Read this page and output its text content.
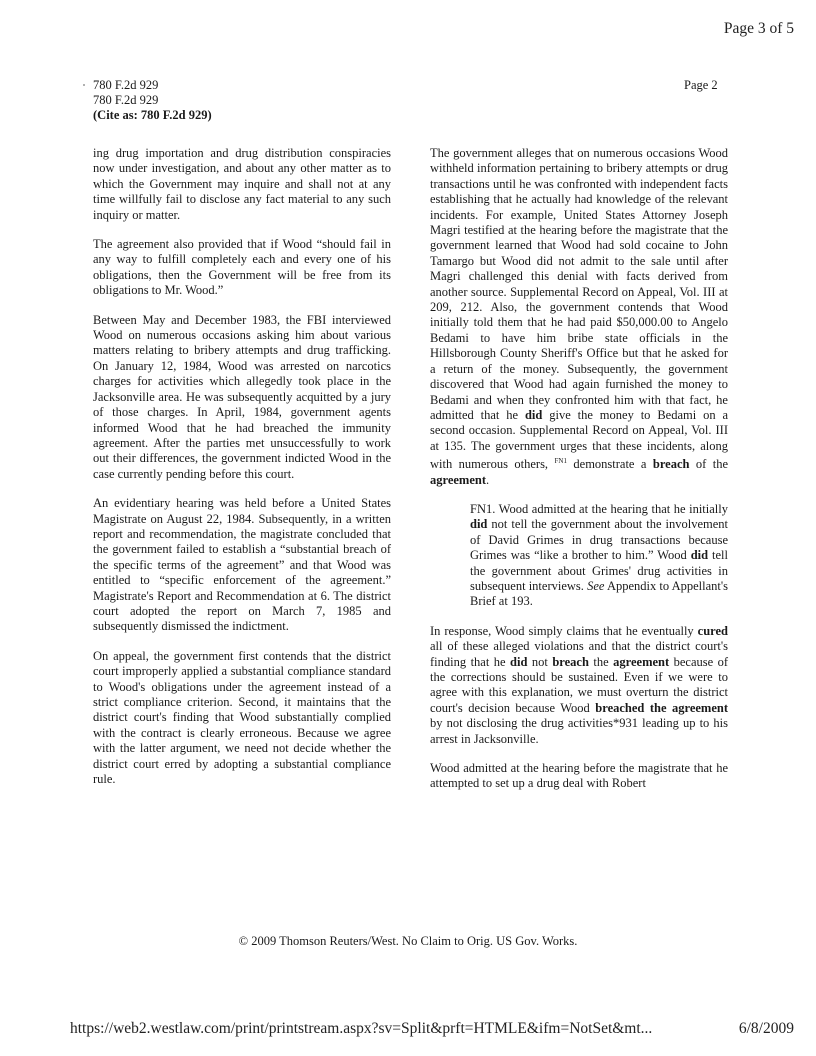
Page 3 of 5
780 F.2d 929
780 F.2d 929
(Cite as: 780 F.2d 929)
Page 2

ing drug importation and drug distribution conspiracies now under investigation, and about any other matter as to which the Government may inquire and shall not at any time willfully fail to disclose any fact material to any such inquiry or matter.

The agreement also provided that if Wood “should fail in any way to fulfill completely each and every one of his obligations, then the Government will be free from its obligations to Mr. Wood.”

Between May and December 1983, the FBI interviewed Wood on numerous occasions asking him about various matters relating to bribery attempts and drug trafficking. On January 12, 1984, Wood was arrested on narcotics charges for activities which allegedly took place in the Jacksonville area. He was subsequently acquitted by a jury of those charges. In April, 1984, government agents informed Wood that he had breached the immunity agreement. After the parties met unsuccessfully to work out their differences, the government indicted Wood in the case currently pending before this court.

An evidentiary hearing was held before a United States Magistrate on August 22, 1984. Subsequently, in a written report and recommendation, the magistrate concluded that the government failed to establish a “substantial breach of the specific terms of the agreement” and that Wood was entitled to “specific enforcement of the agreement.” Magistrate's Report and Recommendation at 6. The district court adopted the report on March 7, 1985 and subsequently dismissed the indictment.

On appeal, the government first contends that the district court improperly applied a substantial compliance standard to Wood's obligations under the agreement instead of a strict compliance criterion. Second, it maintains that the district court's finding that Wood substantially complied with the contract is clearly erroneous. Because we agree with the latter argument, we need not decide whether the district court erred by adopting a substantial compliance rule.

The government alleges that on numerous occasions Wood withheld information pertaining to bribery attempts or drug transactions until he was confronted with independent facts establishing that he actually had knowledge of the relevant incidents. For example, United States Attorney Joseph Magri testified at the hearing before the magistrate that the government learned that Wood had sold cocaine to John Tamargo but Wood did not admit to the sale until after Magri challenged this denial with facts derived from another source. Supplemental Record on Appeal, Vol. III at 209, 212. Also, the government contends that Wood initially told them that he had paid $50,000.00 to Angelo Bedami to have him bribe state officials in the Hillsborough County Sheriff's Office but that he asked for a return of the money. Subsequently, the government discovered that Wood had again furnished the money to Bedami and when they confronted him with that fact, he admitted that he did give the money to Bedami on a second occasion. Supplemental Record on Appeal, Vol. III at 135. The government urges that these incidents, along with numerous others, $^{FN1}$ demonstrate a breach of the agreement.

FN1. Wood admitted at the hearing that he initially did not tell the government about the involvement of David Grimes in drug transactions because Grimes was “like a brother to him.” Wood did tell the government about Grimes' drug activities in subsequent interviews. See Appendix to Appellant's Brief at 193.

In response, Wood simply claims that he eventually cured all of these alleged violations and that the district court's finding that he did not breach the agreement because of the corrections should be sustained. Even if we were to agree with this explanation, we must overturn the district court's decision because Wood breached the agreement by not disclosing the drug activities*931 leading up to his arrest in Jacksonville.

Wood admitted at the hearing before the magistrate that he attempted to set up a drug deal with Robert

© 2009 Thomson Reuters/West. No Claim to Orig. US Gov. Works.
https://web2.westlaw.com/print/printstream.aspx?sv=Split&prft=HTMLE&ifm=NotSet&mt...	6/8/2009
